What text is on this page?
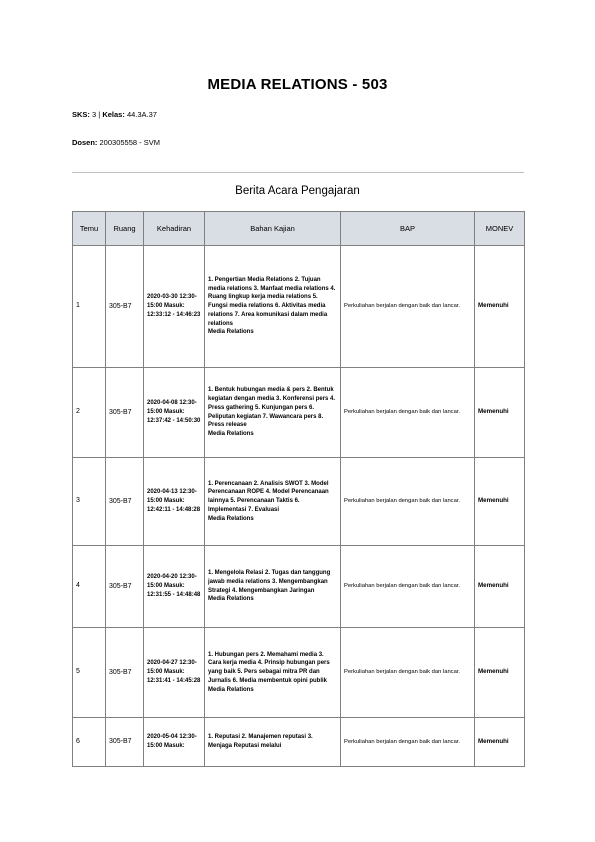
MEDIA RELATIONS - 503
SKS: 3 | Kelas: 44.3A.37
Dosen: 200305558 - SVM
Berita Acara Pengajaran
Temu	Ruang	Kehadiran	Bahan Kajian	BAP	MONEV
1	305-B7	2020-03-30 12:30-15:00 Masuk: 12:33:12 - 14:46:23	1. Pengertian Media Relations 2. Tujuan media relations 3. Manfaat media relations 4. Ruang lingkup kerja media relations 5. Fungsi media relations 6. Aktivitas media relations 7. Area komunikasi dalam media relations
Media Relations	Perkuliahan berjalan dengan baik dan lancar.	Memenuhi
2	305-B7	2020-04-08 12:30-15:00 Masuk: 12:37:42 - 14:50:30	1. Bentuk hubungan media & pers 2. Bentuk kegiatan dengan media 3. Konferensi pers 4. Press gathering 5. Kunjungan pers 6. Peliputan kegiatan 7. Wawancara pers 8. Press release
Media Relations	Perkuliahan berjalan dengan baik dan lancar.	Memenuhi
3	305-B7	2020-04-13 12:30-15:00 Masuk: 12:42:11 - 14:48:28	1. Perencanaan 2. Analisis SWOT 3. Model Perencanaan ROPE 4. Model Perencanaan lainnya 5. Perencanaan Taktis 6. Implementasi 7. Evaluasi
Media Relations	Perkuliahan berjalan dengan baik dan lancar.	Memenuhi
4	305-B7	2020-04-20 12:30-15:00 Masuk: 12:31:55 - 14:48:48	1. Mengelola Relasi 2. Tugas dan tanggung jawab media relations 3. Mengembangkan Strategi 4. Mengembangkan Jaringan
Media Relations	Perkuliahan berjalan dengan baik dan lancar.	Memenuhi
5	305-B7	2020-04-27 12:30-15:00 Masuk: 12:31:41 - 14:45:28	1. Hubungan pers 2. Memahami media 3. Cara kerja media 4. Prinsip hubungan pers yang baik 5. Pers sebagai mitra PR dan Jurnalis 6. Media membentuk opini publik
Media Relations	Perkuliahan berjalan dengan baik dan lancar.	Memenuhi
6	305-B7	2020-05-04 12:30-15:00 Masuk:	1. Reputasi 2. Manajemen reputasi 3. Menjaga Reputasi melalui	Perkuliahan berjalan dengan baik dan lancar.	Memenuhi
